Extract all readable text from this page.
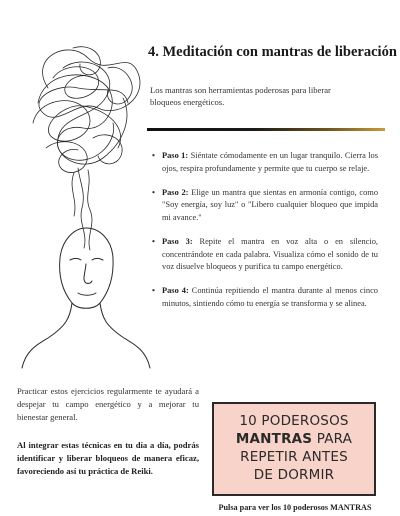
4. Meditación con mantras de liberación
Los mantras son herramientas poderosas para liberar bloqueos energéticos.
• Paso 1: Siéntate cómodamente en un lugar tranquilo. Cierra los ojos, respira profundamente y permite que tu cuerpo se relaje.
• Paso 2: Elige un mantra que sientas en armonía contigo, como "Soy energía, soy luz" o "Libero cualquier bloqueo que impida mi avance."
• Paso 3: Repite el mantra en voz alta o en silencio, concentrándote en cada palabra. Visualiza cómo el sonido de tu voz disuelve bloqueos y purifica tu campo energético.
• Paso 4: Continúa repitiendo el mantra durante al menos cinco minutos, sintiendo cómo tu energía se transforma y se alinea.
Practicar estos ejercicios regularmente te ayudará a despejar tu campo energético y a mejorar tu bienestar general.
Al integrar estas técnicas en tu día a día, podrás identificar y liberar bloqueos de manera eficaz, favoreciendo así tu práctica de Reiki.
10 PODEROSOS
MANTRAS PARA
REPETIR ANTES
DE DORMIR
Pulsa para ver los 10 poderosos MANTRAS
